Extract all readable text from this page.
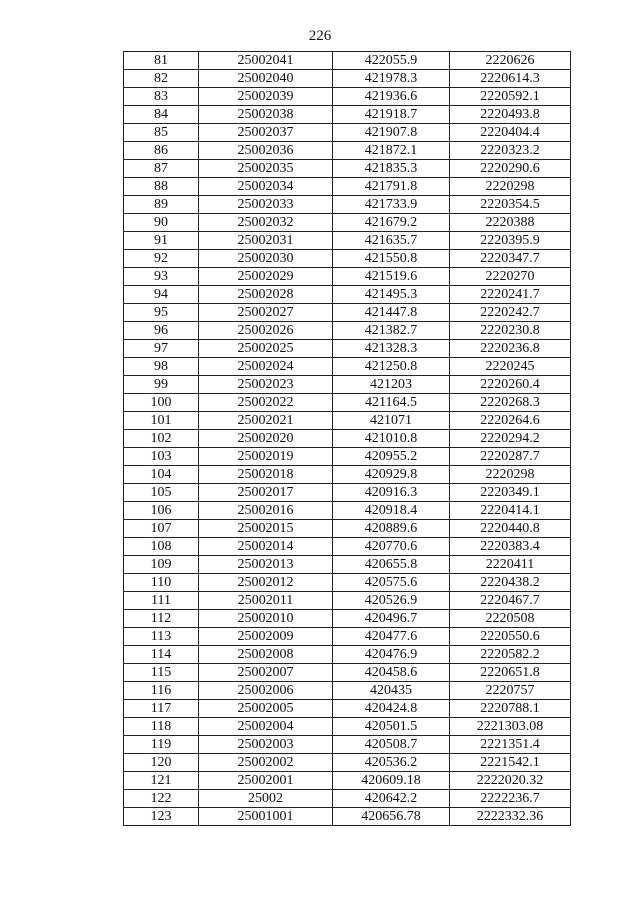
226
81	25002041	422055.9	2220626
82	25002040	421978.3	2220614.3
83	25002039	421936.6	2220592.1
84	25002038	421918.7	2220493.8
85	25002037	421907.8	2220404.4
86	25002036	421872.1	2220323.2
87	25002035	421835.3	2220290.6
88	25002034	421791.8	2220298
89	25002033	421733.9	2220354.5
90	25002032	421679.2	2220388
91	25002031	421635.7	2220395.9
92	25002030	421550.8	2220347.7
93	25002029	421519.6	2220270
94	25002028	421495.3	2220241.7
95	25002027	421447.8	2220242.7
96	25002026	421382.7	2220230.8
97	25002025	421328.3	2220236.8
98	25002024	421250.8	2220245
99	25002023	421203	2220260.4
100	25002022	421164.5	2220268.3
101	25002021	421071	2220264.6
102	25002020	421010.8	2220294.2
103	25002019	420955.2	2220287.7
104	25002018	420929.8	2220298
105	25002017	420916.3	2220349.1
106	25002016	420918.4	2220414.1
107	25002015	420889.6	2220440.8
108	25002014	420770.6	2220383.4
109	25002013	420655.8	2220411
110	25002012	420575.6	2220438.2
111	25002011	420526.9	2220467.7
112	25002010	420496.7	2220508
113	25002009	420477.6	2220550.6
114	25002008	420476.9	2220582.2
115	25002007	420458.6	2220651.8
116	25002006	420435	2220757
117	25002005	420424.8	2220788.1
118	25002004	420501.5	2221303.08
119	25002003	420508.7	2221351.4
120	25002002	420536.2	2221542.1
121	25002001	420609.18	2222020.32
122	25002	420642.2	2222236.7
123	25001001	420656.78	2222332.36
